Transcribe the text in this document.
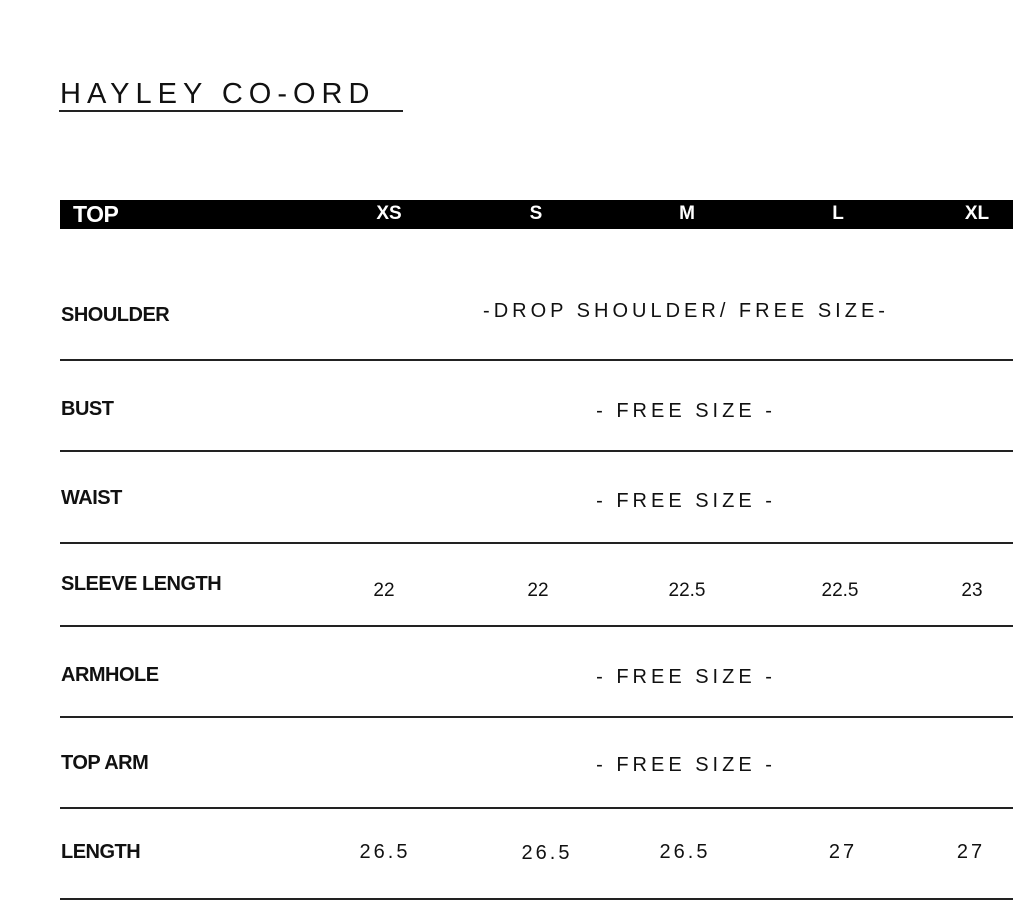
HAYLEY CO-ORD
TOP	XS	S	M	L	XL
SHOULDER	-DROP SHOULDER/ FREE SIZE-
BUST	- FREE SIZE -
WAIST	- FREE SIZE -
SLEEVE LENGTH	22	22	22.5	22.5	23
ARMHOLE	- FREE SIZE -
TOP ARM	- FREE SIZE -
LENGTH	26.5	26.5	26.5	27	27
